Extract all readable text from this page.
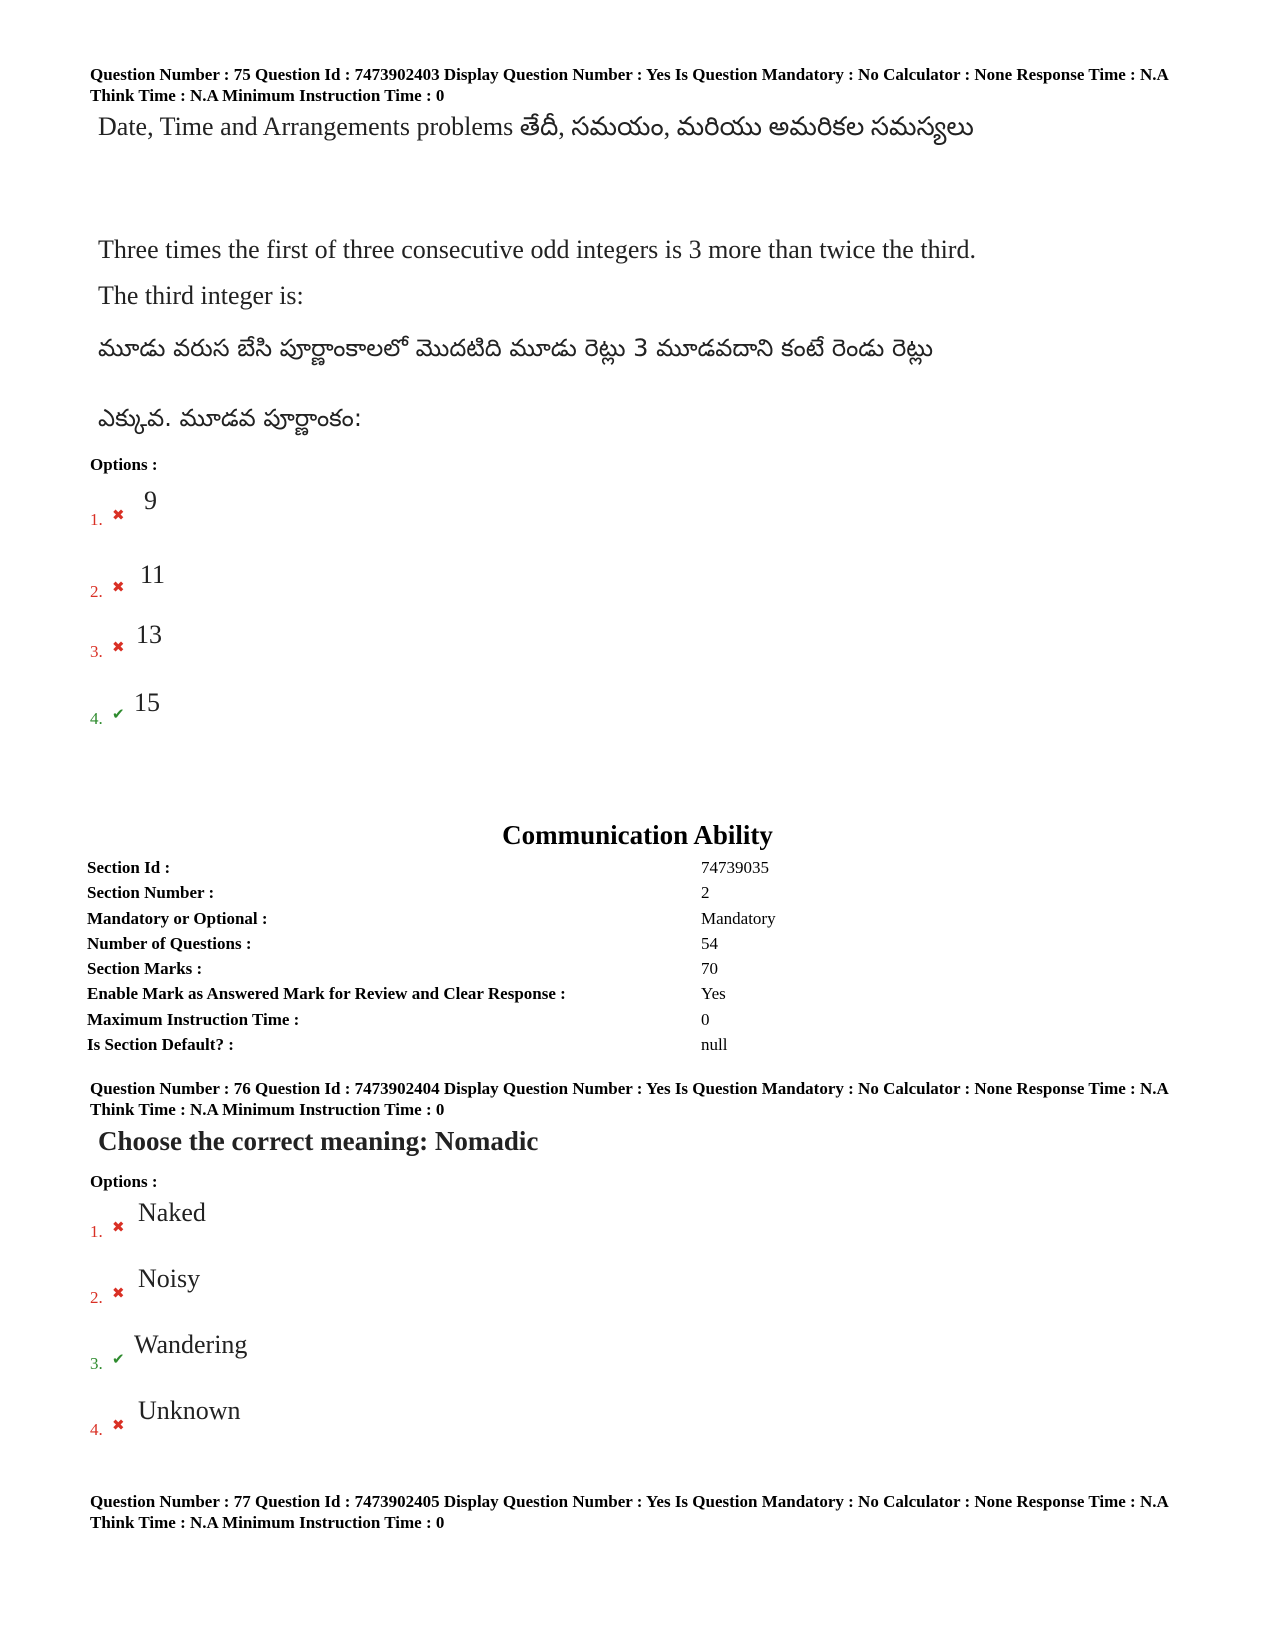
Question Number : 75 Question Id : 7473902403 Display Question Number : Yes Is Question Mandatory : No Calculator : None Response Time : N.A Think Time : N.A Minimum Instruction Time : 0
Date, Time and Arrangements problems తేదీ, సమయం, మరియు అమరికల సమస్యలు
Three times the first of three consecutive odd integers is 3 more than twice the third.
The third integer is:
మూడు వరుస బేసి పూర్ణాంకాలలో మొదటిది మూడు రెట్లు 3 మూడవదాని కంటే రెండు రెట్లు
ఎక్కువ. మూడవ పూర్ణాంకం:
Options :
1. ✖ 9
2. ✖ 11
3. ✖ 13
4. ✔ 15
Communication Ability
Section Id :	74739035
Section Number :	2
Mandatory or Optional :	Mandatory
Number of Questions :	54
Section Marks :	70
Enable Mark as Answered Mark for Review and Clear Response :	Yes
Maximum Instruction Time :	0
Is Section Default? :	null
Question Number : 76 Question Id : 7473902404 Display Question Number : Yes Is Question Mandatory : No Calculator : None Response Time : N.A Think Time : N.A Minimum Instruction Time : 0
Choose the correct meaning: Nomadic
Options :
1. ✖ Naked
2. ✖ Noisy
3. ✔ Wandering
4. ✖ Unknown
Question Number : 77 Question Id : 7473902405 Display Question Number : Yes Is Question Mandatory : No Calculator : None Response Time : N.A Think Time : N.A Minimum Instruction Time : 0
